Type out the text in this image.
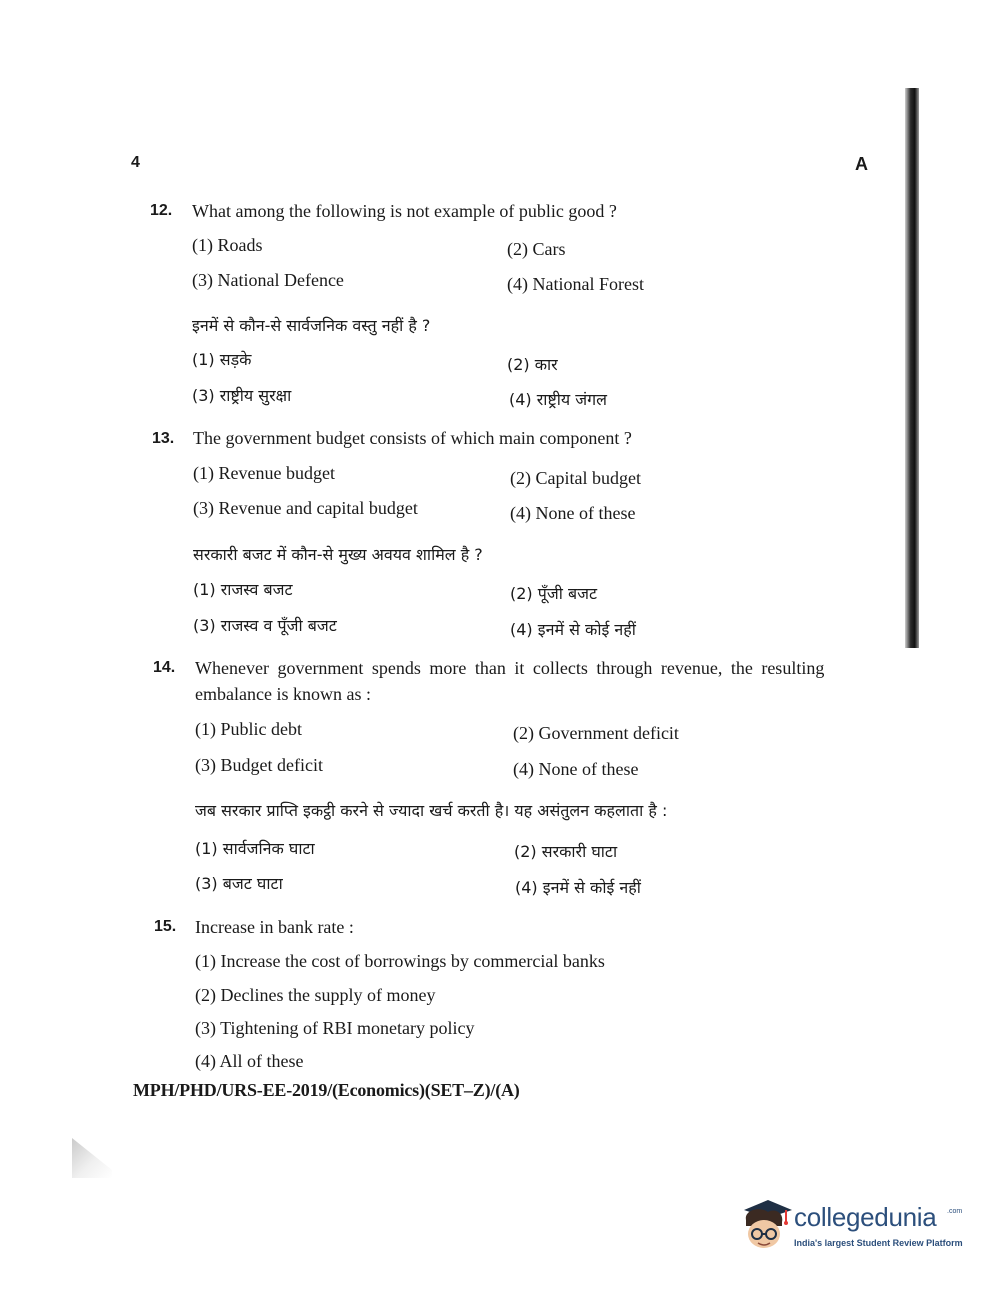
4	A
12. What among the following is not example of public good ?
(1) Roads	(2) Cars
(3) National Defence	(4) National Forest
इनमें से कौन-से सार्वजनिक वस्तु नहीं है ?
(1) सड़के	(2) कार
(3) राष्ट्रीय सुरक्षा	(4) राष्ट्रीय जंगल
13. The government budget consists of which main component ?
(1) Revenue budget	(2) Capital budget
(3) Revenue and capital budget	(4) None of these
सरकारी बजट में कौन-से मुख्य अवयव शामिल है ?
(1) राजस्व बजट	(2) पूँजी बजट
(3) राजस्व व पूँजी बजट	(4) इनमें से कोई नहीं
14. Whenever government spends more than it collects through revenue, the resulting
embalance is known as :
(1) Public debt	(2) Government deficit
(3) Budget deficit	(4) None of these
जब सरकार प्राप्ति इकट्ठी करने से ज्यादा खर्च करती है। यह असंतुलन कहलाता है :
(1) सार्वजनिक घाटा	(2) सरकारी घाटा
(3) बजट घाटा	(4) इनमें से कोई नहीं
15. Increase in bank rate :
(1) Increase the cost of borrowings by commercial banks
(2) Declines the supply of money
(3) Tightening of RBI monetary policy
(4) All of these
MPH/PHD/URS-EE-2019/(Economics)(SET–Z)/(A)
collegedunia .com
India's largest Student Review Platform
